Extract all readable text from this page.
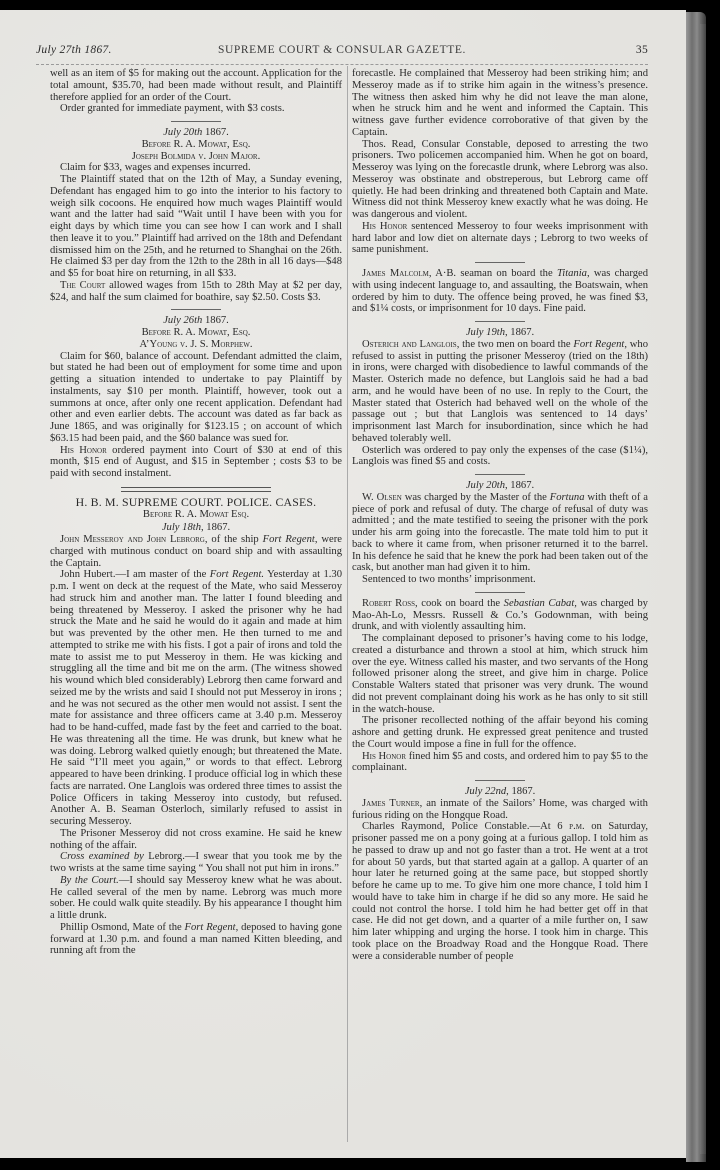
July 27th 1867.	SUPREME COURT & CONSULAR GAZETTE.	35

well as an item of $5 for making out the account. Application for the total amount, $35.70, had been made without result, and Plaintiff therefore applied for an order of the Court.

Order granted for immediate payment, with $3 costs.

July 20th 1867.
Before R. A. Mowat, Esq.
Joseph Bolmida v. John Major.

Claim for $33, wages and expenses incurred.

The Plaintiff stated that on the 12th of May, a Sunday evening, Defendant has engaged him to go into the interior to his factory to weigh silk cocoons. He enquired how much wages Plaintiff would want and the latter had said “Wait until I have been with you for eight days by which time you can see how I can work and I shall then leave it to you.” Plaintiff had arrived on the 18th and Defendant dismissed him on the 25th, and he returned to Shanghai on the 26th. He claimed $3 per day from the 12th to the 28th in all 16 days—$48 and $5 for boat hire on returning, in all $33.

The Court allowed wages from 15th to 28th May at $2 per day, $24, and half the sum claimed for boathire, say $2.50. Costs $3.

July 26th 1867.
Before R. A. Mowat, Esq.
A’Young v. J. S. Morphew.

Claim for $60, balance of account. Defendant admitted the claim, but stated he had been out of employment for some time and upon getting a situation intended to undertake to pay Plaintiff by instalments, say $10 per month. Plaintiff, however, took out a summons at once, after only one recent application. Defendant had other and even earlier debts. The account was dated as far back as June 1865, and was originally for $123.15 ; on account of which $63.15 had been paid, and the $60 balance was sued for.

His Honor ordered payment into Court of $30 at end of this month, $15 end of August, and $15 in September ; costs $3 to be paid with second instalment.

H. B. M. SUPREME COURT. POLICE. CASES.
Before R. A. Mowat Esq.
July 18th, 1867.

John Messeroy and John Lebrorg, of the ship Fort Regent, were charged with mutinous conduct on board ship and with assaulting the Captain.

John Hubert.—I am master of the Fort Regent. Yesterday at 1.30 p.m. I went on deck at the request of the Mate, who said Messeroy had struck him and another man. The latter I found bleeding and being threatened by Messeroy. I asked the prisoner why he had struck the Mate and he said he would do it again and made at him but was prevented by the other men. He then turned to me and attempted to strike me with his fists. I got a pair of irons and told the mate to assist me to put Messeroy in them. He was kicking and struggling all the time and bit me on the arm. (The witness showed his wound which bled considerably) Lebrorg then came forward and seized me by the wrists and said I should not put Messeroy in irons ; and he was not secured as the other men would not assist. I sent the mate for assistance and three officers came at 3.40 p.m. Messeroy had to be hand-cuffed, made fast by the feet and carried to the boat. He was threatening all the time. He was drunk, but knew what he was doing. Lebrorg walked quietly enough; but threatened the Mate. He said “I’ll meet you again,” or words to that effect. Lebrorg appeared to have been drinking. I produce official log in which these facts are narrated. One Langlois was ordered three times to assist the Police Officers in taking Messeroy into custody, but refused. Another A. B. Seaman Osterloch, similarly refused to assist in securing Messeroy.

The Prisoner Messeroy did not cross examine. He said he knew nothing of the affair.

Cross examined by Lebrorg.—I swear that you took me by the two wrists at the same time saying “ You shall not put him in irons.”

By the Court.—I should say Messeroy knew what he was about. He called several of the men by name. Lebrorg was much more sober. He could walk quite steadily. By his appearance I thought him a little drunk.

Phillip Osmond, Mate of the Fort Regent, deposed to having gone forward at 1.30 p.m. and found a man named Kitten bleeding, and running aft from the

forecastle. He complained that Messeroy had been striking him; and Messeroy made as if to strike him again in the witness’s presence. The witness then asked him why he did not leave the man alone, when he struck him and he went and informed the Captain. This witness gave further evidence corroborative of that given by the Captain.

Thos. Read, Consular Constable, deposed to arresting the two prisoners. Two policemen accompanied him. When he got on board, Messeroy was lying on the forecastle drunk, where Lebrorg was also. Messeroy was obstinate and obstreperous, but Lebrorg came off quietly. He had been drinking and threatened both Captain and Mate. Witness did not think Messeroy knew exactly what he was doing. He was dangerous and violent.

His Honor sentenced Messeroy to four weeks imprisonment with hard labor and low diet on alternate days ; Lebrorg to two weeks of same punishment.

James Malcolm, A·B. seaman on board the Titania, was charged with using indecent language to, and assaulting, the Boatswain, when ordered by him to duty. The offence being proved, he was fined $3, and $1¼ costs, or imprisonment for 10 days. Fine paid.

July 19th, 1867.

Osterich and Langlois, the two men on board the Fort Regent, who refused to assist in putting the prisoner Messeroy (tried on the 18th) in irons, were charged with disobedience to lawful commands of the Master. Osterich made no defence, but Langlois said he had a bad arm, and he would have been of no use. In reply to the Court, the Master stated that Osterich had behaved well on the whole of the passage out ; but that Langlois was sentenced to 14 days’ imprisonment last March for insubordination, since which he had behaved tolerably well.

Osterlich was ordered to pay only the expenses of the case ($1¼), Langlois was fined $5 and costs.

July 20th, 1867.

W. Olsen was charged by the Master of the Fortuna with theft of a piece of pork and refusal of duty. The charge of refusal of duty was admitted ; and the mate testified to seeing the prisoner with the pork under his arm going into the forecastle. The mate told him to put it back to where it came from, when prisoner returned it to the barrel. In his defence he said that he knew the pork had been taken out of the cask, but another man had given it to him.

Sentenced to two months’ imprisonment.

Robert Ross, cook on board the Sebastian Cabat, was charged by Mao-Ah-Lo, Messrs. Russell & Co.’s Godownman, with being drunk, and with violently assaulting him.

The complainant deposed to prisoner’s having come to his lodge, created a disturbance and thrown a stool at him, which struck him over the eye. Witness called his master, and two servants of the Hong followed prisoner along the street, and give him in charge. Police Constable Walters stated that prisoner was very drunk. The wound did not prevent complainant doing his work as he has only to sit still in the watch-house.

The prisoner recollected nothing of the affair beyond his coming ashore and getting drunk. He expressed great penitence and trusted the Court would impose a fine in full for the offence.

His Honor fined him $5 and costs, and ordered him to pay $5 to the complainant.

July 22nd, 1867.

James Turner, an inmate of the Sailors’ Home, was charged with furious riding on the Hongque Road.

Charles Raymond, Police Constable.—At 6 p.m. on Saturday, prisoner passed me on a pony going at a furious gallop. I told him as he passed to draw up and not go faster than a trot. He went at a trot for about 50 yards, but that started again at a gallop. A quarter of an hour later he returned going at the same pace, but stopped shortly before he came up to me. To give him one more chance, I told him I would have to take him in charge if he did so any more. He said he could not control the horse. I told him he had better get off in that case. He did not get down, and a quarter of a mile further on, I saw him later whipping and urging the horse. I took him in charge. This took place on the Broadway Road and the Hongque Road. There were a considerable number of people
